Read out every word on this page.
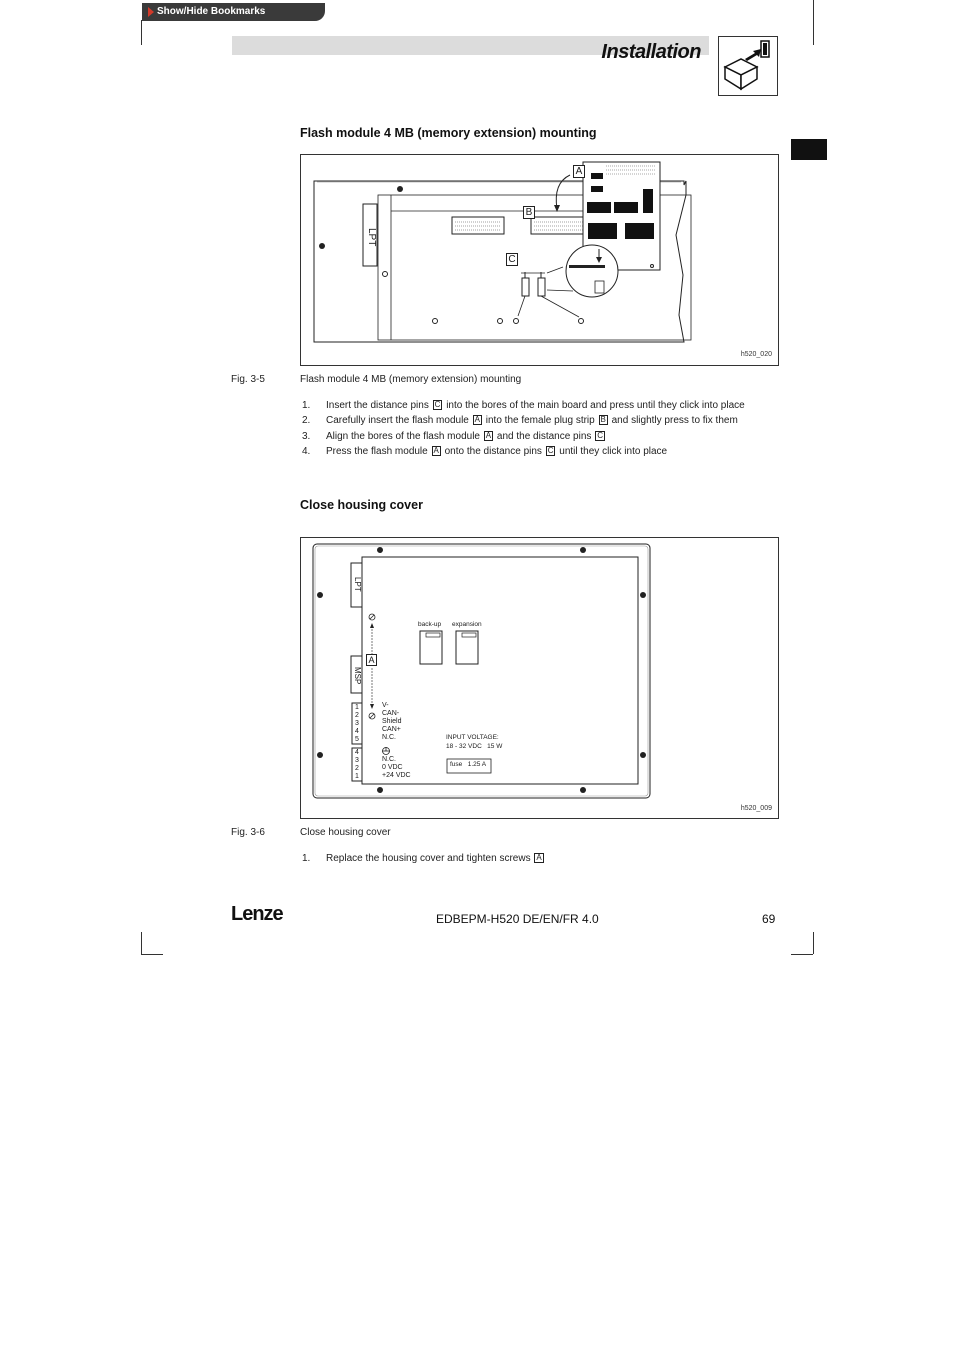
Show/Hide Bookmarks
Installation
Flash module 4 MB (memory extension) mounting
LPT
A
B
C
h520_020
Fig. 3-5	Flash module 4 MB (memory extension) mounting
1. Insert the distance pins C into the bores of the main board and press until they click into place
2. Carefully insert the flash module A into the female plug strip B and slightly press to fix them
3. Align the bores of the flash module A and the distance pins C
4. Press the flash module A onto the distance pins C until they click into place
Close housing cover
LPT
MSP
A
back-up expansion
1
2
3
4
5
V-
CAN-
Shield
CAN+
N.C.
4
3
2
1
N.C.
0 VDC
+24 VDC
INPUT VOLTAGE:
18 - 32 VDC   15 W
fuse   1.25 A
h520_009
Fig. 3-6	Close housing cover
1. Replace the housing cover and tighten screws A
Lenze	EDBEPM-H520 DE/EN/FR 4.0	69
